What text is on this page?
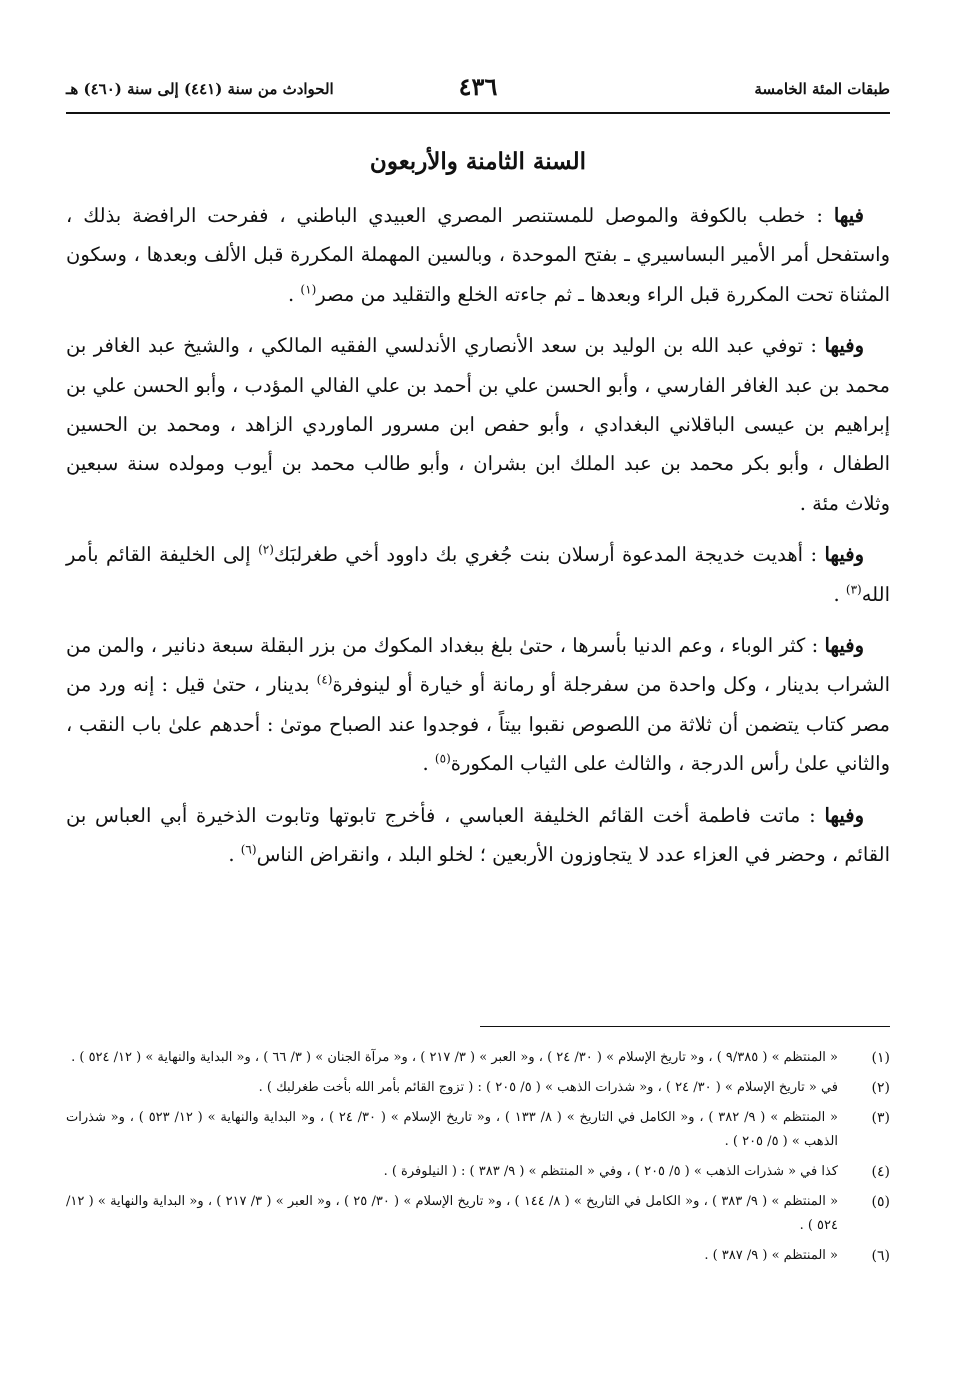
طبقات المئة الخامسة
٤٣٦
الحوادث من سنة (٤٤١) إلى سنة (٤٦٠) هـ
السنة الثامنة والأربعون

فيها : خطب بالكوفة والموصل للمستنصر المصري العبيدي الباطني ، ففرحت الرافضة بذلك ، واستفحل أمر الأمير البساسيري ـ بفتح الموحدة ، وبالسين المهملة المكررة قبل الألف وبعدها ، وسكون المثناة تحت المكررة قبل الراء وبعدها ـ ثم جاءته الخلع والتقليد من مصر$^{(١)}$ .

وفيها : توفي عبد الله بن الوليد بن سعد الأنصاري الأندلسي الفقيه المالكي ، والشيخ عبد الغافر بن محمد بن عبد الغافر الفارسي ، وأبو الحسن علي بن أحمد بن علي الفالي المؤدب ، وأبو الحسن علي بن إبراهيم بن عيسى الباقلاني البغدادي ، وأبو حفص ابن مسرور الماوردي الزاهد ، ومحمد بن الحسين الطفال ، وأبو بكر محمد بن عبد الملك ابن بشران ، وأبو طالب محمد بن أيوب ومولده سنة سبعين وثلاث مئة .

وفيها : أهديت خديجة المدعوة أرسلان بنت جُغري بك داوود أخي طغرلبَك$^{(٢)}$ إلى الخليفة القائم بأمر الله$^{(٣)}$ .

وفيها : كثر الوباء ، وعم الدنيا بأسرها ، حتىٰ بلغ ببغداد المكوك من بزر البقلة سبعة دنانير ، والمن من الشراب بدينار ، وكل واحدة من سفرجلة أو رمانة أو خيارة أو لينوفرة$^{(٤)}$ بدينار ، حتىٰ قيل : إنه ورد من مصر كتاب يتضمن أن ثلاثة من اللصوص نقبوا بيتاً ، فوجدوا عند الصباح موتىٰ : أحدهم علىٰ باب النقب ، والثاني علىٰ رأس الدرجة ، والثالث على الثياب المكورة$^{(٥)}$ .

وفيها : ماتت فاطمة أخت القائم الخليفة العباسي ، فأخرج تابوتها وتابوت الذخيرة أبي العباس بن القائم ، وحضر في العزاء عدد لا يتجاوزون الأربعين ؛ لخلو البلد ، وانقراض الناس$^{(٦)}$ .

(١)
« المنتظم » ( ٩/٣٨٥ ) ، و« تاريخ الإسلام » ( ٣٠/ ٢٤ ) ، و« العبر » ( ٣/ ٢١٧ ) ، و« مرآة الجنان » ( ٣/ ٦٦ ) ، و« البداية والنهاية » ( ١٢/ ٥٢٤ ) .
(٢)
في « تاريخ الإسلام » ( ٣٠/ ٢٤ ) ، و« شذرات الذهب » ( ٥/ ٢٠٥ ) : ( تزوج القائم بأمر الله بأخت طغرلبك ) .
(٣)
« المنتظم » ( ٩/ ٣٨٢ ) ، و« الكامل في التاريخ » ( ٨/ ١٣٣ ) ، و« تاريخ الإسلام » ( ٣٠/ ٢٤ ) ، و« البداية والنهاية » ( ١٢/ ٥٢٣ ) ، و« شذرات الذهب » ( ٥/ ٢٠٥ ) .
(٤)
كذا في « شذرات الذهب » ( ٥/ ٢٠٥ ) ، وفي « المنتظم » ( ٩/ ٣٨٣ ) : ( النيلوفرة ) .
(٥)
« المنتظم » ( ٩/ ٣٨٣ ) ، و« الكامل في التاريخ » ( ٨/ ١٤٤ ) ، و« تاريخ الإسلام » ( ٣٠/ ٢٥ ) ، و« العبر » ( ٣/ ٢١٧ ) ، و« البداية والنهاية » ( ١٢/ ٥٢٤ ) .
(٦)
« المنتظم » ( ٩/ ٣٨٧ ) .
